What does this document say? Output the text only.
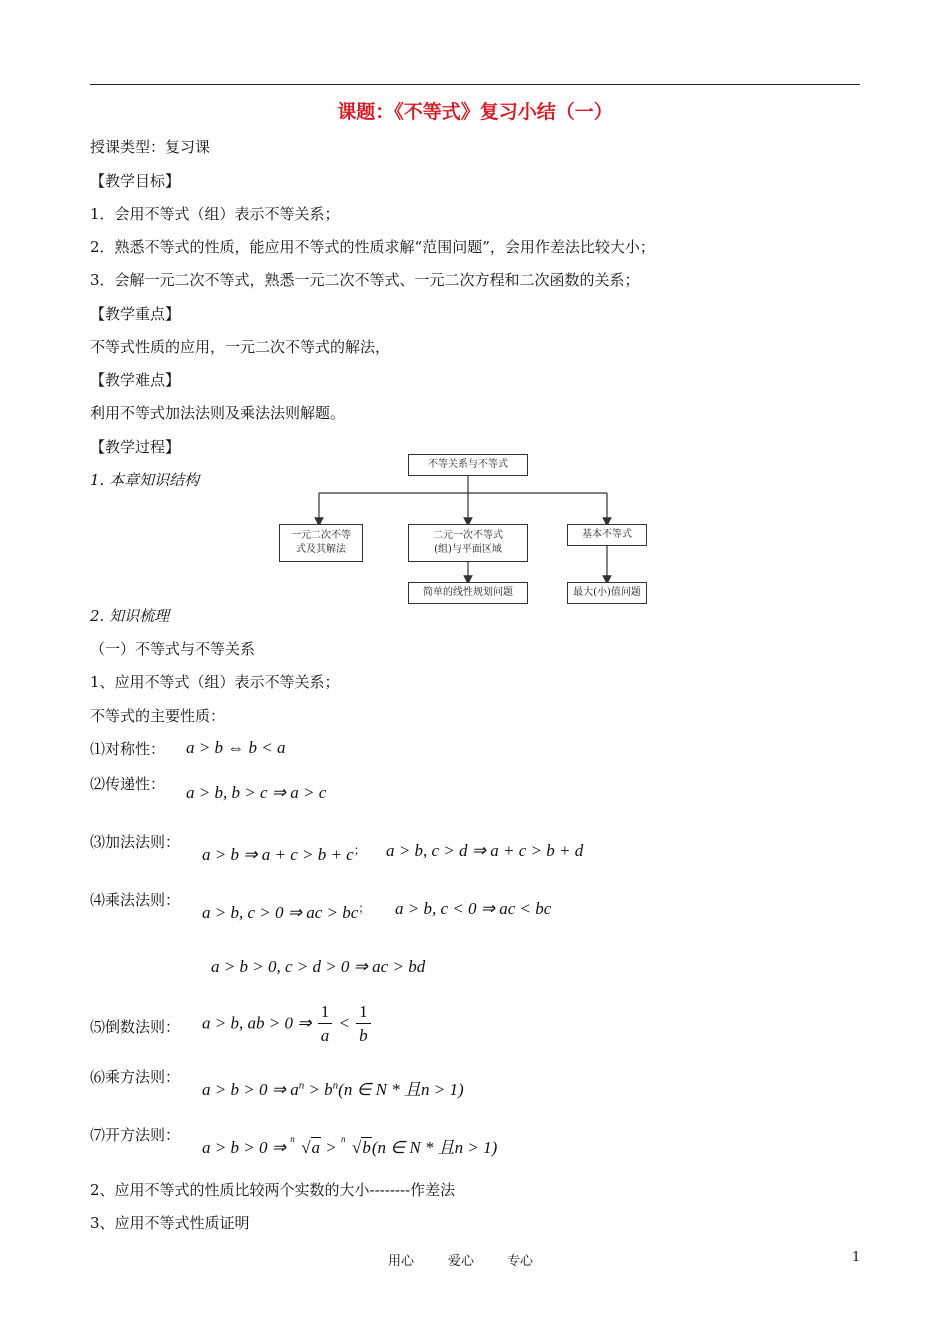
课题：《不等式》复习小结（一）
授课类型：复习课
【教学目标】
1．会用不等式（组）表示不等关系；
2．熟悉不等式的性质，能应用不等式的性质求解“范围问题”，会用作差法比较大小；
3．会解一元二次不等式，熟悉一元二次不等式、一元二次方程和二次函数的关系；
【教学重点】
不等式性质的应用，一元二次不等式的解法，
【教学难点】
利用不等式加法法则及乘法法则解题。
【教学过程】
1. 本章知识结构
不等关系与不等式
一元二次不等
式及其解法
二元一次不等式
(组)与平面区域
基本不等式
简单的线性规划问题	最大(小)值问题
2. 知识梳理
（一）不等式与不等关系
1、应用不等式（组）表示不等关系；
不等式的主要性质：
⑴对称性： a > b ⇔ b < a
⑵传递性： a > b, b > c ⇒ a > c
⑶加法法则：
a > b ⇒ a + c > b + c； a > b, c > d ⇒ a + c > b + d
⑷乘法法则：
a > b, c > 0 ⇒ ac > bc； a > b, c < 0 ⇒ ac < bc
a > b > 0, c > d > 0 ⇒ ac > bd
⑸倒数法则： a > b, ab > 0 ⇒ $\frac{1}{a} < \frac{1}{b}$
⑹乘方法则：
a > b > 0 ⇒ $a^n > b^n(n$ ∈ N * 且n > 1)
⑺开方法则：
a > b > 0 ⇒ n √a > n √b(n ∈ N * 且n > 1)
2、应用不等式的性质比较两个实数的大小--------作差法
3、应用不等式性质证明
用心	爱心	专心	1
